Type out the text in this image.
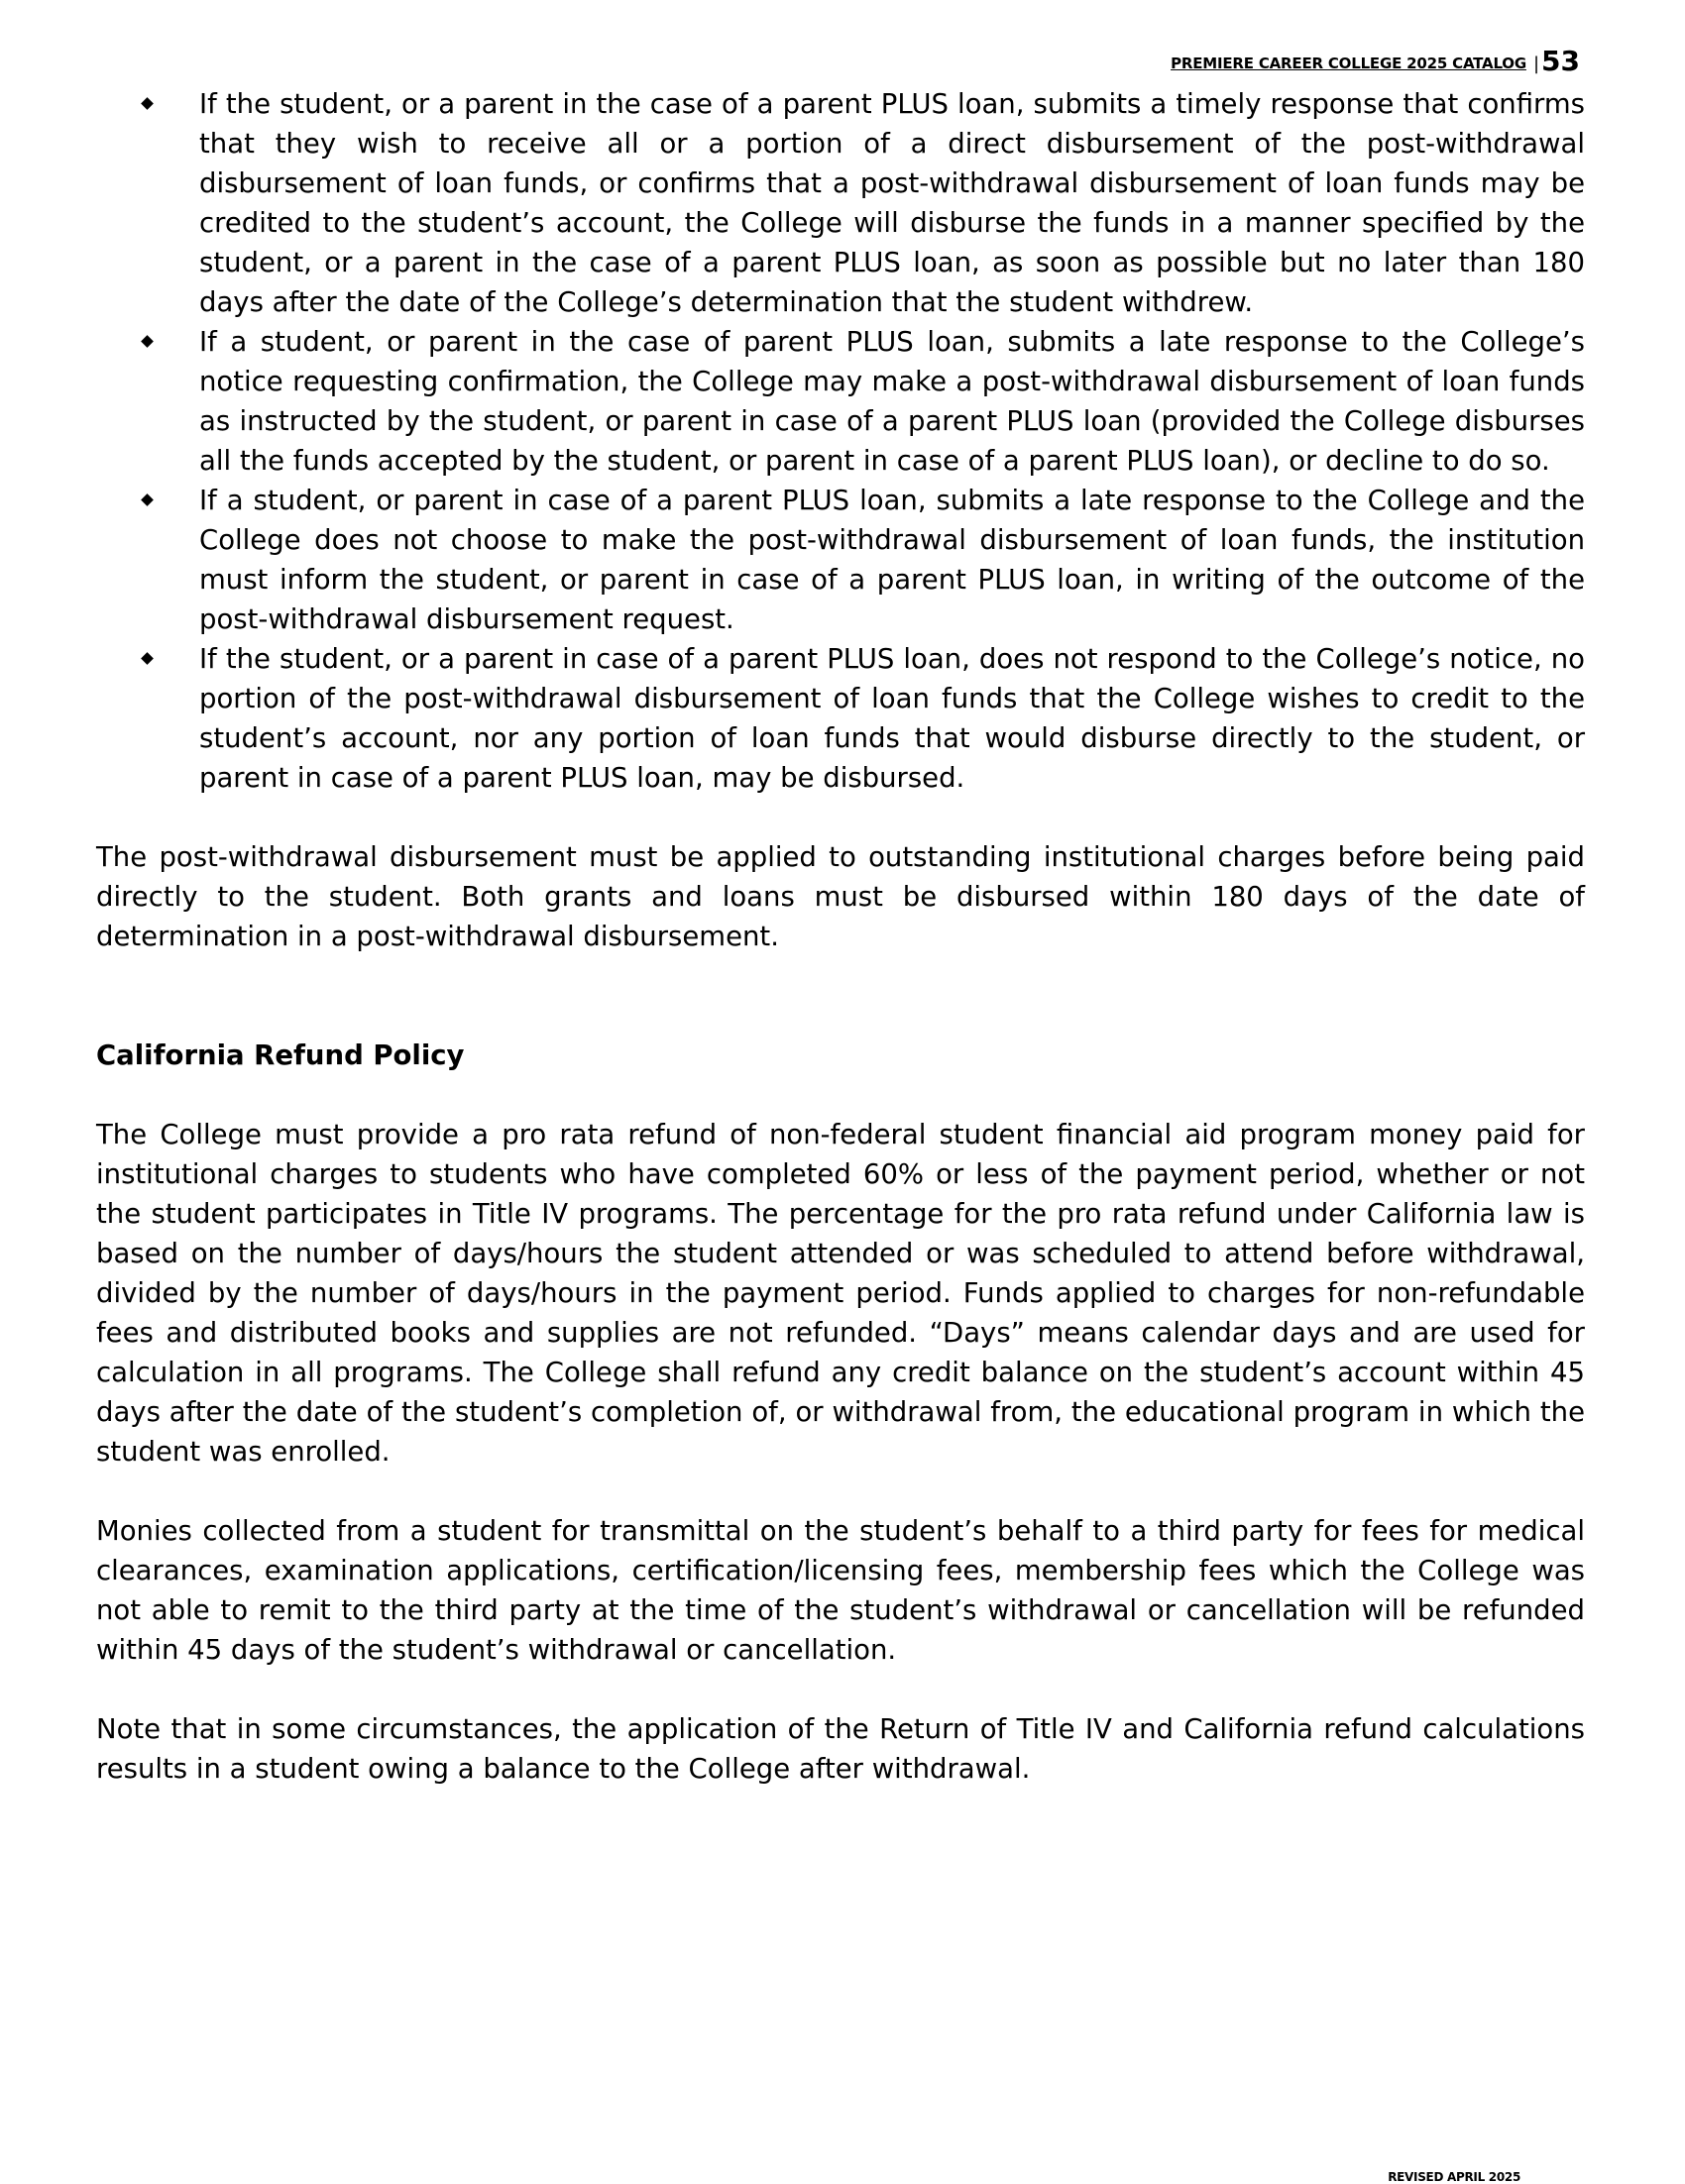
PREMIERE CAREER COLLEGE 2025 CATALOG | 53
If the student, or a parent in the case of a parent PLUS loan, submits a timely response that confirms that they wish to receive all or a portion of a direct disbursement of the post-withdrawal disbursement of loan funds, or confirms that a post-withdrawal disbursement of loan funds may be credited to the student’s account, the College will disburse the funds in a manner specified by the student, or a parent in the case of a parent PLUS loan, as soon as possible but no later than 180 days after the date of the College’s determination that the student withdrew.
If a student, or parent in the case of parent PLUS loan, submits a late response to the College’s notice requesting confirmation, the College may make a post-withdrawal disbursement of loan funds as instructed by the student, or parent in case of a parent PLUS loan (provided the College disburses all the funds accepted by the student, or parent in case of a parent PLUS loan), or decline to do so.
If a student, or parent in case of a parent PLUS loan, submits a late response to the College and the College does not choose to make the post-withdrawal disbursement of loan funds, the institution must inform the student, or parent in case of a parent PLUS loan, in writing of the outcome of the post-withdrawal disbursement request.
If the student, or a parent in case of a parent PLUS loan, does not respond to the College’s notice, no portion of the post-withdrawal disbursement of loan funds that the College wishes to credit to the student’s account, nor any portion of loan funds that would disburse directly to the student, or parent in case of a parent PLUS loan, may be disbursed.

The post-withdrawal disbursement must be applied to outstanding institutional charges before being paid directly to the student. Both grants and loans must be disbursed within 180 days of the date of determination in a post-withdrawal disbursement.

California Refund Policy

The College must provide a pro rata refund of non-federal student financial aid program money paid for institutional charges to students who have completed 60% or less of the payment period, whether or not the student participates in Title IV programs. The percentage for the pro rata refund under California law is based on the number of days/hours the student attended or was scheduled to attend before withdrawal, divided by the number of days/hours in the payment period. Funds applied to charges for non-refundable fees and distributed books and supplies are not refunded. “Days” means calendar days and are used for calculation in all programs. The College shall refund any credit balance on the student’s account within 45 days after the date of the student’s completion of, or withdrawal from, the educational program in which the student was enrolled.

Monies collected from a student for transmittal on the student’s behalf to a third party for fees for medical clearances, examination applications, certification/licensing fees, membership fees which the College was not able to remit to the third party at the time of the student’s withdrawal or cancellation will be refunded within 45 days of the student’s withdrawal or cancellation.

Note that in some circumstances, the application of the Return of Title IV and California refund calculations results in a student owing a balance to the College after withdrawal.

REVISED APRIL 2025
